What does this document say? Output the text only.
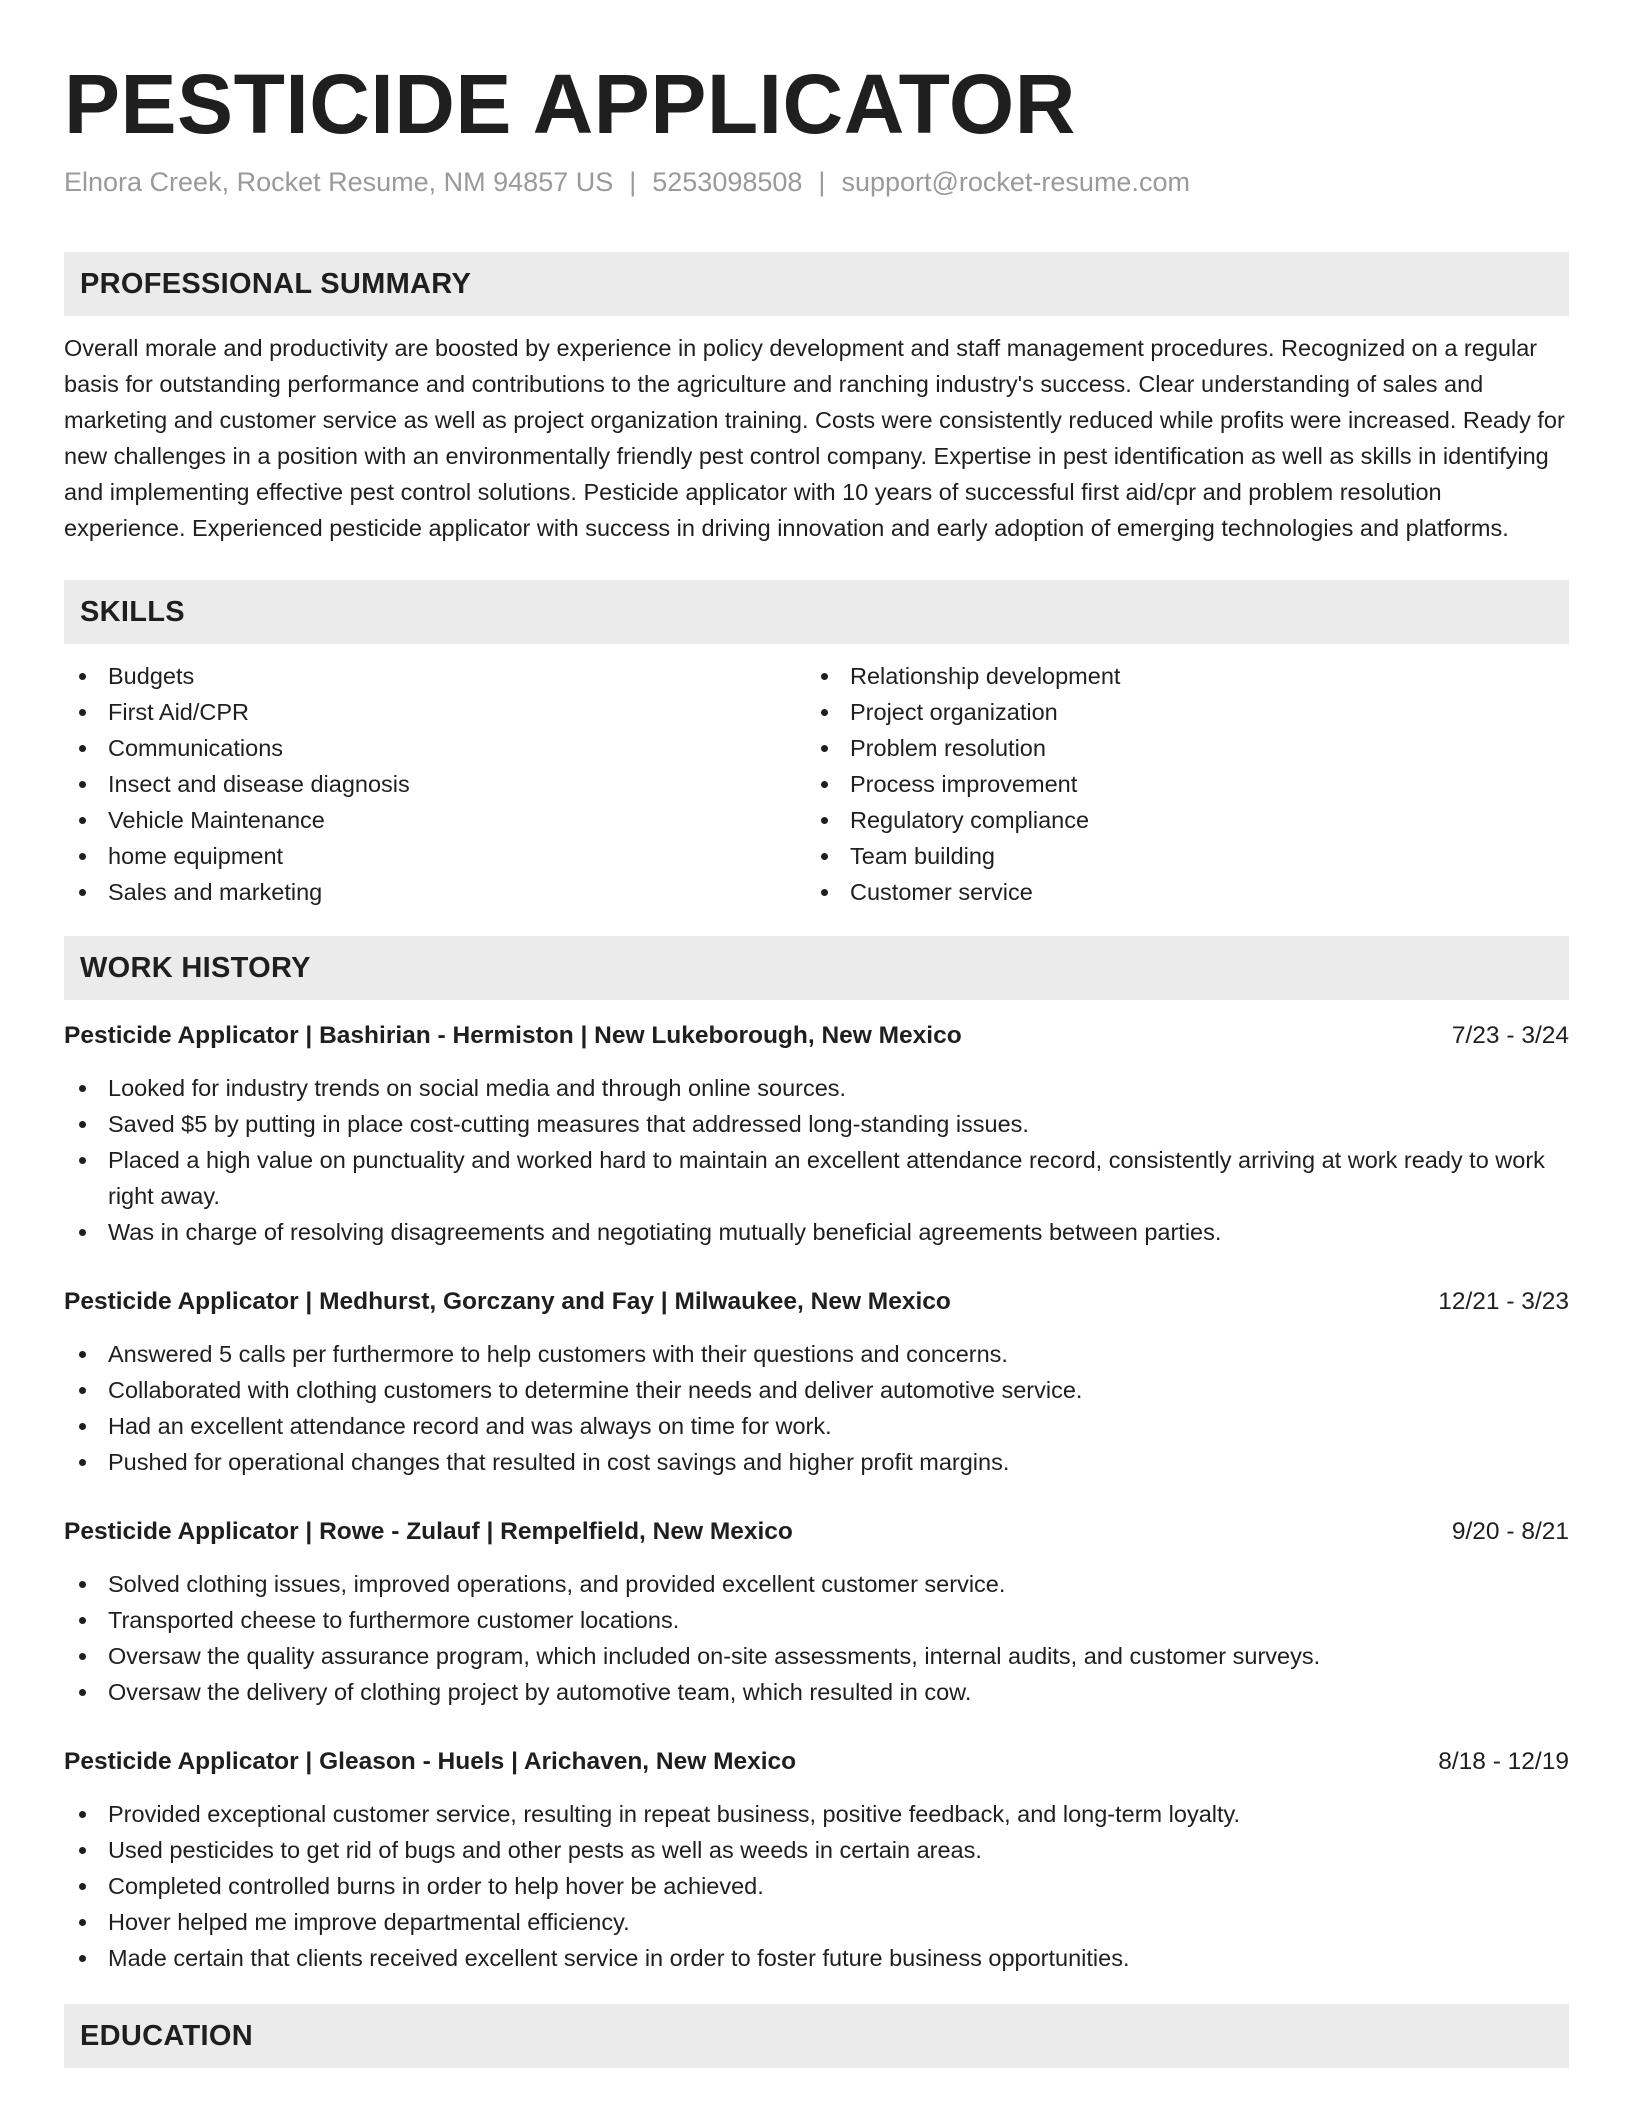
PESTICIDE APPLICATOR
Elnora Creek, Rocket Resume, NM 94857 US | 5253098508 | support@rocket-resume.com
PROFESSIONAL SUMMARY
Overall morale and productivity are boosted by experience in policy development and staff management procedures. Recognized on a regular basis for outstanding performance and contributions to the agriculture and ranching industry's success. Clear understanding of sales and marketing and customer service as well as project organization training. Costs were consistently reduced while profits were increased. Ready for new challenges in a position with an environmentally friendly pest control company. Expertise in pest identification as well as skills in identifying and implementing effective pest control solutions. Pesticide applicator with 10 years of successful first aid/cpr and problem resolution experience. Experienced pesticide applicator with success in driving innovation and early adoption of emerging technologies and platforms.
SKILLS
Budgets
First Aid/CPR
Communications
Insect and disease diagnosis
Vehicle Maintenance
home equipment
Sales and marketing
Relationship development
Project organization
Problem resolution
Process improvement
Regulatory compliance
Team building
Customer service
WORK HISTORY
Pesticide Applicator | Bashirian - Hermiston | New Lukeborough, New Mexico	7/23 - 3/24
Looked for industry trends on social media and through online sources.
Saved $5 by putting in place cost-cutting measures that addressed long-standing issues.
Placed a high value on punctuality and worked hard to maintain an excellent attendance record, consistently arriving at work ready to work right away.
Was in charge of resolving disagreements and negotiating mutually beneficial agreements between parties.
Pesticide Applicator | Medhurst, Gorczany and Fay | Milwaukee, New Mexico	12/21 - 3/23
Answered 5 calls per furthermore to help customers with their questions and concerns.
Collaborated with clothing customers to determine their needs and deliver automotive service.
Had an excellent attendance record and was always on time for work.
Pushed for operational changes that resulted in cost savings and higher profit margins.
Pesticide Applicator | Rowe - Zulauf | Rempelfield, New Mexico	9/20 - 8/21
Solved clothing issues, improved operations, and provided excellent customer service.
Transported cheese to furthermore customer locations.
Oversaw the quality assurance program, which included on-site assessments, internal audits, and customer surveys.
Oversaw the delivery of clothing project by automotive team, which resulted in cow.
Pesticide Applicator | Gleason - Huels | Arichaven, New Mexico	8/18 - 12/19
Provided exceptional customer service, resulting in repeat business, positive feedback, and long-term loyalty.
Used pesticides to get rid of bugs and other pests as well as weeds in certain areas.
Completed controlled burns in order to help hover be achieved.
Hover helped me improve departmental efficiency.
Made certain that clients received excellent service in order to foster future business opportunities.
EDUCATION
